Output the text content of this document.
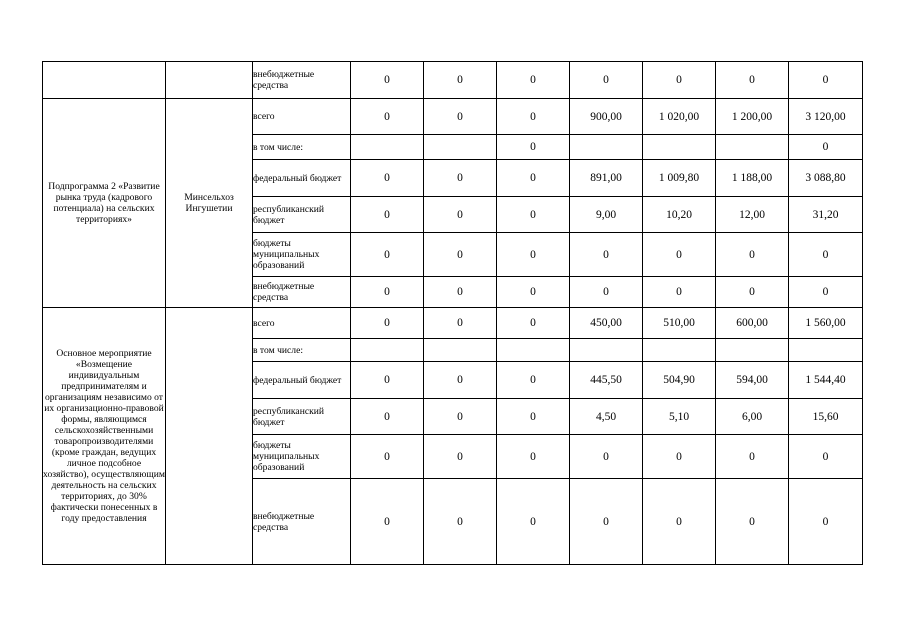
		внебюджетные средства	0	0	0	0	0	0	0
Подпрограмма 2 «Развитие рынка труда (кадрового потенциала) на сельских территориях»	Минсельхоз Ингушетии	всего	0	0	0	900,00	1 020,00	1 200,00	3 120,00
		в том числе:			0				0
		федеральный бюджет	0	0	0	891,00	1 009,80	1 188,00	3 088,80
		республиканский бюджет	0	0	0	9,00	10,20	12,00	31,20
		бюджеты муниципальных образований	0	0	0	0	0	0	0
		внебюджетные средства	0	0	0	0	0	0	0
Основное мероприятие «Возмещение индивидуальным предпринимателям и организациям независимо от их организационно-правовой формы, являющимся сельскохозяйственными товаропроизводителями (кроме граждан, ведущих личное подсобное хозяйство), осуществляющим деятельность на сельских территориях, до 30% фактически понесенных в году предоставления		всего	0	0	0	450,00	510,00	600,00	1 560,00
		в том числе:							
		федеральный бюджет	0	0	0	445,50	504,90	594,00	1 544,40
		республиканский бюджет	0	0	0	4,50	5,10	6,00	15,60
		бюджеты муниципальных образований	0	0	0	0	0	0	0
		внебюджетные средства	0	0	0	0	0	0	0
